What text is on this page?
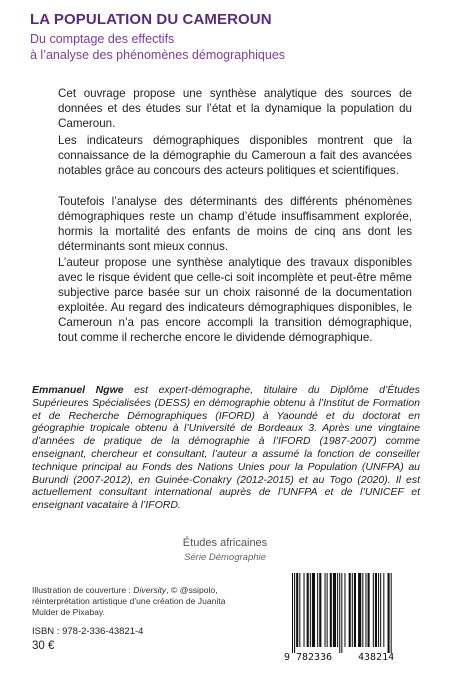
LA POPULATION DU CAMEROUN
Du comptage des effectifs
à l’analyse des phénomènes démographiques
Cet ouvrage propose une synthèse analytique des sources de données et des études sur l’état et la dynamique la population du Cameroun.
Les indicateurs démographiques disponibles montrent que la connaissance de la démographie du Cameroun a fait des avancées notables grâce au concours des acteurs politiques et scientifiques.
Toutefois l’analyse des déterminants des différents phénomènes démographiques reste un champ d’étude insuffisamment explorée, hormis la mortalité des enfants de moins de cinq ans dont les déterminants sont mieux connus.
L’auteur propose une synthèse analytique des travaux disponibles avec le risque évident que celle-ci soit incomplète et peut-être même subjective parce basée sur un choix raisonné de la documentation exploitée. Au regard des indicateurs démographiques disponibles, le Cameroun n’a pas encore accompli la transition démographique, tout comme il recherche encore le dividende démographique.
Emmanuel Ngwe est expert-démographe, titulaire du Diplôme d’Études Supérieures Spécialisées (DESS) en démographie obtenu à l’Institut de Formation et de Recherche Démographiques (IFORD) à Yaoundé et du doctorat en géographie tropicale obtenu à l’Université de Bordeaux 3. Après une vingtaine d’années de pratique de la démographie à l’IFORD (1987-2007) comme enseignant, chercheur et consultant, l’auteur a assumé la fonction de conseiller technique principal au Fonds des Nations Unies pour la Population (UNFPA) au Burundi (2007-2012), en Guinée-Conakry (2012-2015) et au Togo (2020). Il est actuellement consultant international auprès de l’UNFPA et de l’UNICEF et enseignant vacataire à l’IFORD.
Études africaines
Série Démographie
Illustration de couverture : Diversity, © @ssipolo, réinterprétation artistique d’une création de Juanita Mulder de Pixabay.
ISBN : 978-2-336-43821-4
30 €
9 782336	438214
